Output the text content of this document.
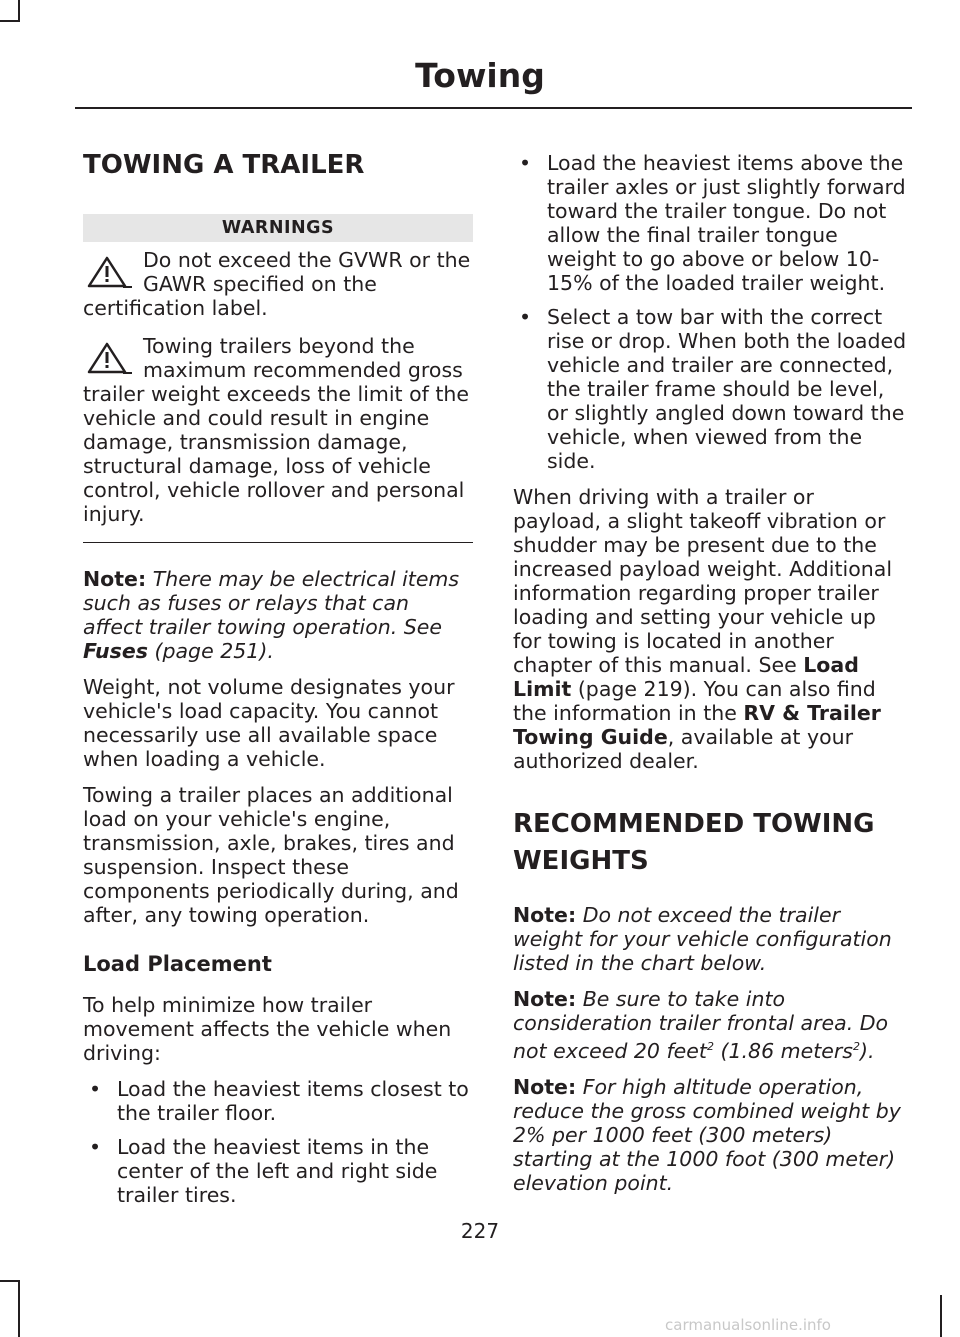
Towing
TOWING A TRAILER
WARNINGS
Do not exceed the GVWR or the GAWR specified on the certification label.
Towing trailers beyond the maximum recommended gross trailer weight exceeds the limit of the vehicle and could result in engine damage, transmission damage, structural damage, loss of vehicle control, vehicle rollover and personal injury.

Note: There may be electrical items such as fuses or relays that can affect trailer towing operation. See Fuses (page 251).

Weight, not volume designates your vehicle's load capacity. You cannot necessarily use all available space when loading a vehicle.

Towing a trailer places an additional load on your vehicle's engine, transmission, axle, brakes, tires and suspension. Inspect these components periodically during, and after, any towing operation.

Load Placement

To help minimize how trailer movement affects the vehicle when driving:

• Load the heaviest items closest to the trailer floor.
• Load the heaviest items in the center of the left and right side trailer tires.
• Load the heaviest items above the trailer axles or just slightly forward toward the trailer tongue. Do not allow the final trailer tongue weight to go above or below 10-15% of the loaded trailer weight.
• Select a tow bar with the correct rise or drop. When both the loaded vehicle and trailer are connected, the trailer frame should be level, or slightly angled down toward the vehicle, when viewed from the side.

When driving with a trailer or payload, a slight takeoff vibration or shudder may be present due to the increased payload weight. Additional information regarding proper trailer loading and setting your vehicle up for towing is located in another chapter of this manual. See Load Limit (page 219). You can also find the information in the RV & Trailer Towing Guide, available at your authorized dealer.

RECOMMENDED TOWING
WEIGHTS

Note: Do not exceed the trailer weight for your vehicle configuration listed in the chart below.

Note: Be sure to take into consideration trailer frontal area. Do not exceed 20 feet$^2$ (1.86 meters$^2$).

Note: For high altitude operation, reduce the gross combined weight by 2% per 1000 feet (300 meters) starting at the 1000 foot (300 meter) elevation point.

227
carmanualsonline.info
